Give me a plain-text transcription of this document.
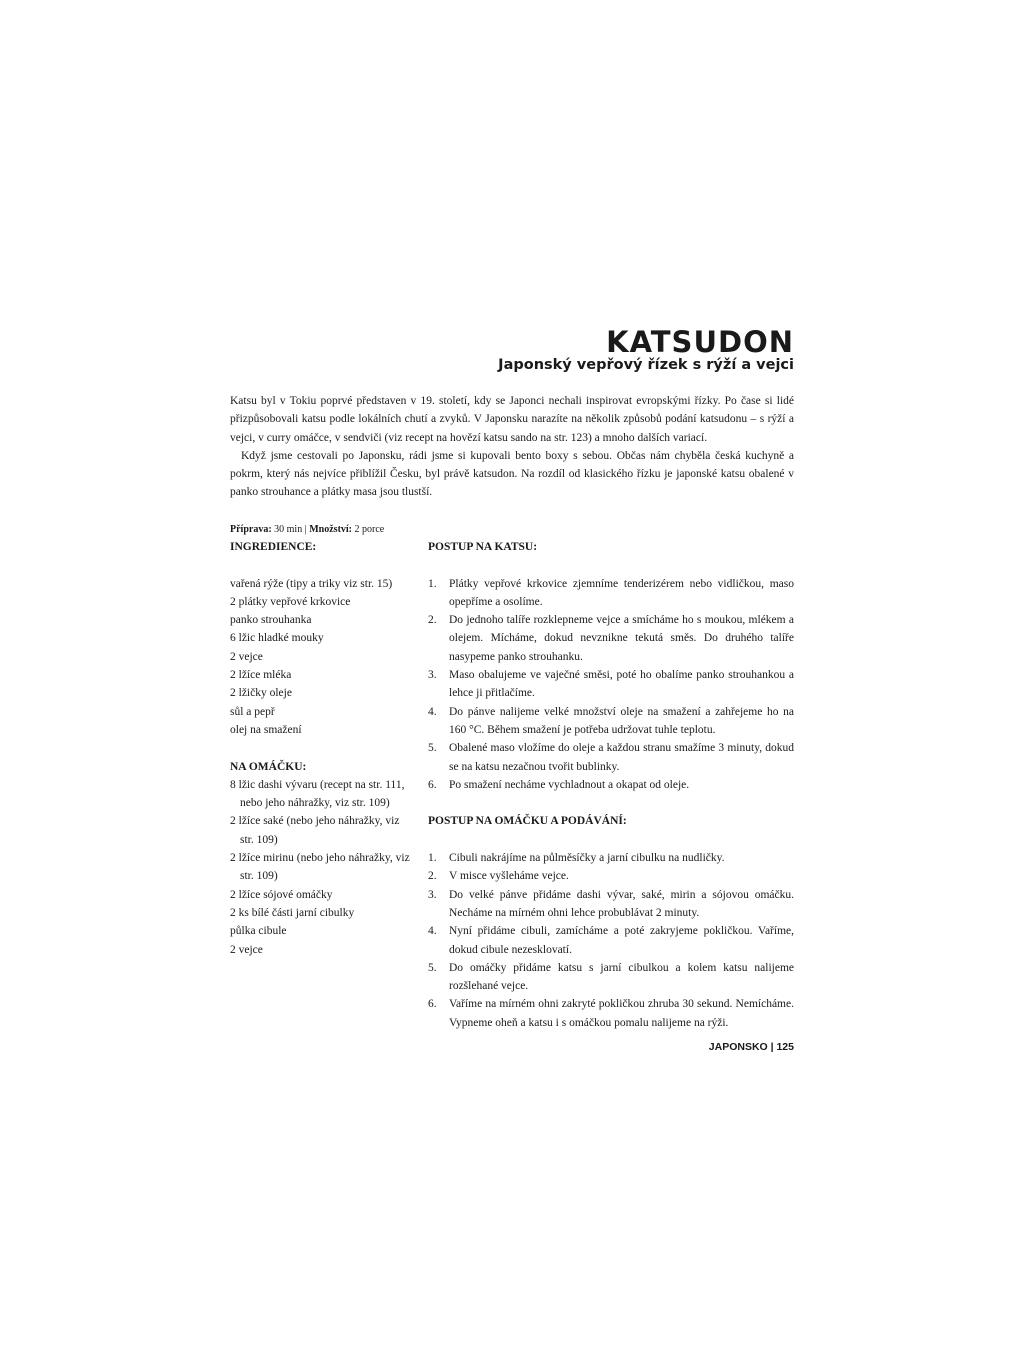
KATSUDON
Japonský vepřový řízek s rýží a vejci

Katsu byl v Tokiu poprvé představen v 19. století, kdy se Japonci nechali inspirovat evropskými řízky. Po čase si lidé přizpůsobovali katsu podle lokálních chutí a zvyků. V Japonsku narazíte na několik způsobů podání katsudonu – s rýží a vejci, v curry omáčce, v sendviči (viz recept na hovězí katsu sando na str. 123) a mnoho dalších variací.

Když jsme cestovali po Japonsku, rádi jsme si kupovali bento boxy s sebou. Občas nám chyběla česká kuchyně a pokrm, který nás nejvíce přiblížil Česku, byl právě katsudon. Na rozdíl od klasického řízku je japonské katsu obalené v panko strouhance a plátky masa jsou tlustší.

Příprava: 30 min | Množství: 2 porce

INGREDIENCE:

vařená rýže (tipy a triky viz str. 15)
2 plátky vepřové krkovice
panko strouhanka
6 lžic hladké mouky
2 vejce
2 lžíce mléka
2 lžičky oleje
sůl a pepř
olej na smažení

NA OMÁČKU:

8 lžic dashi vývaru (recept na str. 111, nebo jeho náhražky, viz str. 109)
2 lžíce saké (nebo jeho náhražky, viz str. 109)
2 lžíce mirinu (nebo jeho náhražky, viz str. 109)
2 lžíce sójové omáčky
2 ks bílé části jarní cibulky
půlka cibule
2 vejce

POSTUP NA KATSU:

1. Plátky vepřové krkovice zjemníme tenderizérem nebo vidličkou, maso opepříme a osolíme.
2. Do jednoho talíře rozklepneme vejce a smícháme ho s moukou, mlékem a olejem. Mícháme, dokud nevznikne tekutá směs. Do druhého talíře nasypeme panko strouhanku.
3. Maso obalujeme ve vaječné směsi, poté ho obalíme panko strouhankou a lehce ji přitlačíme.
4. Do pánve nalijeme velké množství oleje na smažení a zahřejeme ho na 160 °C. Během smažení je potřeba udržovat tuhle teplotu.
5. Obalené maso vložíme do oleje a každou stranu smažíme 3 minuty, dokud se na katsu nezačnou tvořit bublinky.
6. Po smažení necháme vychladnout a okapat od oleje.

POSTUP NA OMÁČKU A PODÁVÁNÍ:

1. Cibuli nakrájíme na půlměsíčky a jarní cibulku na nudličky.
2. V misce vyšleháme vejce.
3. Do velké pánve přidáme dashi vývar, saké, mirin a sójovou omáčku. Necháme na mírném ohni lehce probublávat 2 minuty.
4. Nyní přidáme cibuli, zamícháme a poté zakryjeme pokličkou. Vaříme, dokud cibule nezesklovatí.
5. Do omáčky přidáme katsu s jarní cibulkou a kolem katsu nalijeme rozšlehané vejce.
6. Vaříme na mírném ohni zakryté pokličkou zhruba 30 sekund. Nemícháme. Vypneme oheň a katsu i s omáčkou pomalu nalijeme na rýži.
JAPONSKO | 125
